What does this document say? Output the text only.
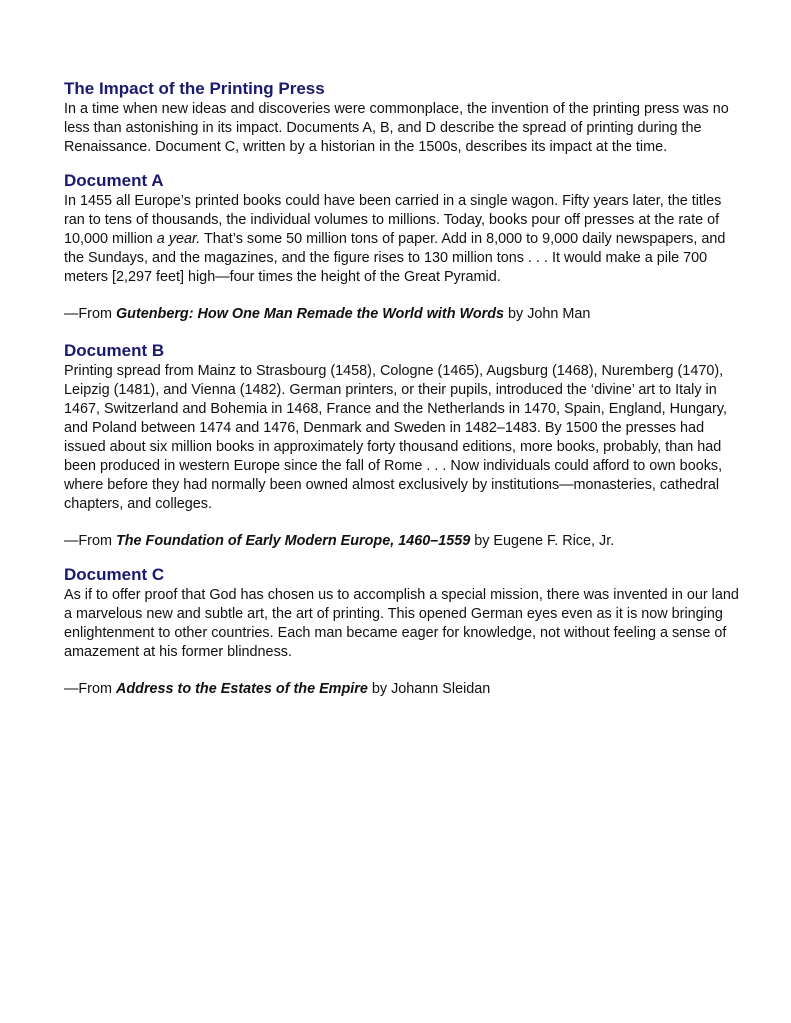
The Impact of the Printing Press

In a time when new ideas and discoveries were commonplace, the invention of the printing press was no less than astonishing in its impact. Documents A, B, and D describe the spread of printing during the Renaissance. Document C, written by a historian in the 1500s, describes its impact at the time.

Document A

In 1455 all Europe’s printed books could have been carried in a single wagon. Fifty years later, the titles ran to tens of thousands, the individual volumes to millions. Today, books pour off presses at the rate of 10,000 million a year. That’s some 50 million tons of paper. Add in 8,000 to 9,000 daily newspapers, and the Sundays, and the magazines, and the figure rises to 130 million tons . . . It would make a pile 700 meters [2,297 feet] high—four times the height of the Great Pyramid.

—From Gutenberg: How One Man Remade the World with Words by John Man

Document B

Printing spread from Mainz to Strasbourg (1458), Cologne (1465), Augsburg (1468), Nuremberg (1470), Leipzig (1481), and Vienna (1482). German printers, or their pupils, introduced the ‘divine’ art to Italy in 1467, Switzerland and Bohemia in 1468, France and the Netherlands in 1470, Spain, England, Hungary, and Poland between 1474 and 1476, Denmark and Sweden in 1482–1483. By 1500 the presses had issued about six million books in approximately forty thousand editions, more books, probably, than had been produced in western Europe since the fall of Rome . . . Now individuals could afford to own books, where before they had normally been owned almost exclusively by institutions—monasteries, cathedral chapters, and colleges.

—From The Foundation of Early Modern Europe, 1460–1559 by Eugene F. Rice, Jr.

Document C

As if to offer proof that God has chosen us to accomplish a special mission, there was invented in our land a marvelous new and subtle art, the art of printing. This opened German eyes even as it is now bringing enlightenment to other countries. Each man became eager for knowledge, not without feeling a sense of amazement at his former blindness.

—From Address to the Estates of the Empire by Johann Sleidan
